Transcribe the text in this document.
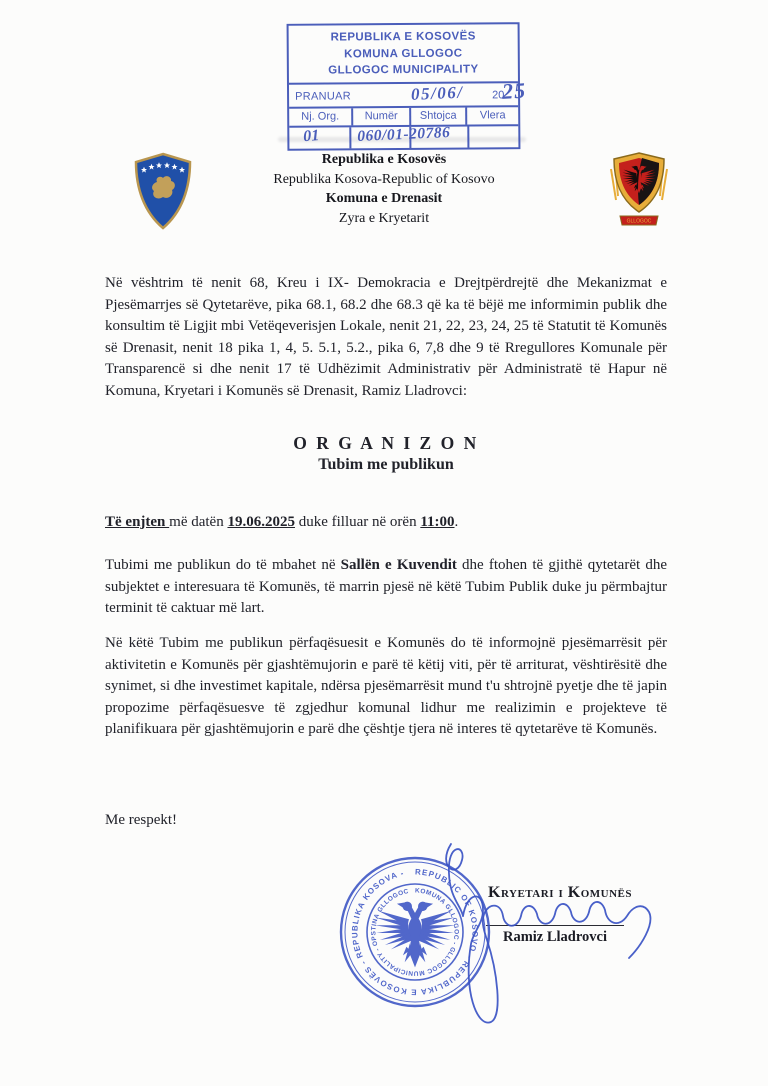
REPUBLIKA E KOSOVËS
KOMUNA GLLOGOC
GLLOGOC MUNICIPALITY
PRANUAR	05/06/	20
25
Nj. Org.	Numër	Shtojca	Vlera
01 060/01-20786
Republika e Kosovës
Republika Kosova-Republic of Kosovo
Komuna e Drenasit
Zyra e Kryetarit	GLLOGOC

Në vështrim të nenit 68, Kreu i IX- Demokracia e Drejtpërdrejtë dhe Mekanizmat e Pjesëmarrjes së Qytetarëve, pika 68.1, 68.2 dhe 68.3 që ka të bëjë me informimin publik dhe konsultim të Ligjit mbi Vetëqeverisjen Lokale, nenit 21, 22, 23, 24, 25 të Statutit të Komunës së Drenasit, nenit 18 pika 1, 4, 5. 5.1, 5.2., pika 6, 7,8 dhe 9 të Rregullores Komunale për Transparencë si dhe nenit 17 të Udhëzimit Administrativ për Administratë të Hapur në Komuna, Kryetari i Komunës së Drenasit, Ramiz Lladrovci:

O R G A N I Z O N
Tubim me publikun

Të enjten më datën 19.06.2025 duke filluar në orën 11:00.

Tubimi me publikun do të mbahet në Sallën e Kuvendit dhe ftohen të gjithë qytetarët dhe subjektet e interesuara të Komunës, të marrin pjesë në këtë Tubim Publik duke ju përmbajtur terminit të caktuar më lart.

Në këtë Tubim me publikun përfaqësuesit e Komunës do të informojnë pjesëmarrësit për aktivitetin e Komunës për gjashtëmujorin e parë të këtij viti, për të arriturat, vështirësitë dhe synimet, si dhe investimet kapitale, ndërsa pjesëmarrësit mund t'u shtrojnë pyetje dhe të japin propozime përfaqësuesve të zgjedhur komunal lidhur me realizimin e projekteve të planifikuara për gjashtëmujorin e parë dhe çështje tjera në interes të qytetarëve të Komunës.

Me respekt!

Kryetari i Komunës
Ramiz Lladrovci
REPUBLIC OF KOSOVO - REPUBLIKA E KOSOVËS - REPUBLIKA KOSOVA -
KOMUNA GLLOGOC - GLLOGOC MUNICIPALITY - OPSTINA GLLOGOC
